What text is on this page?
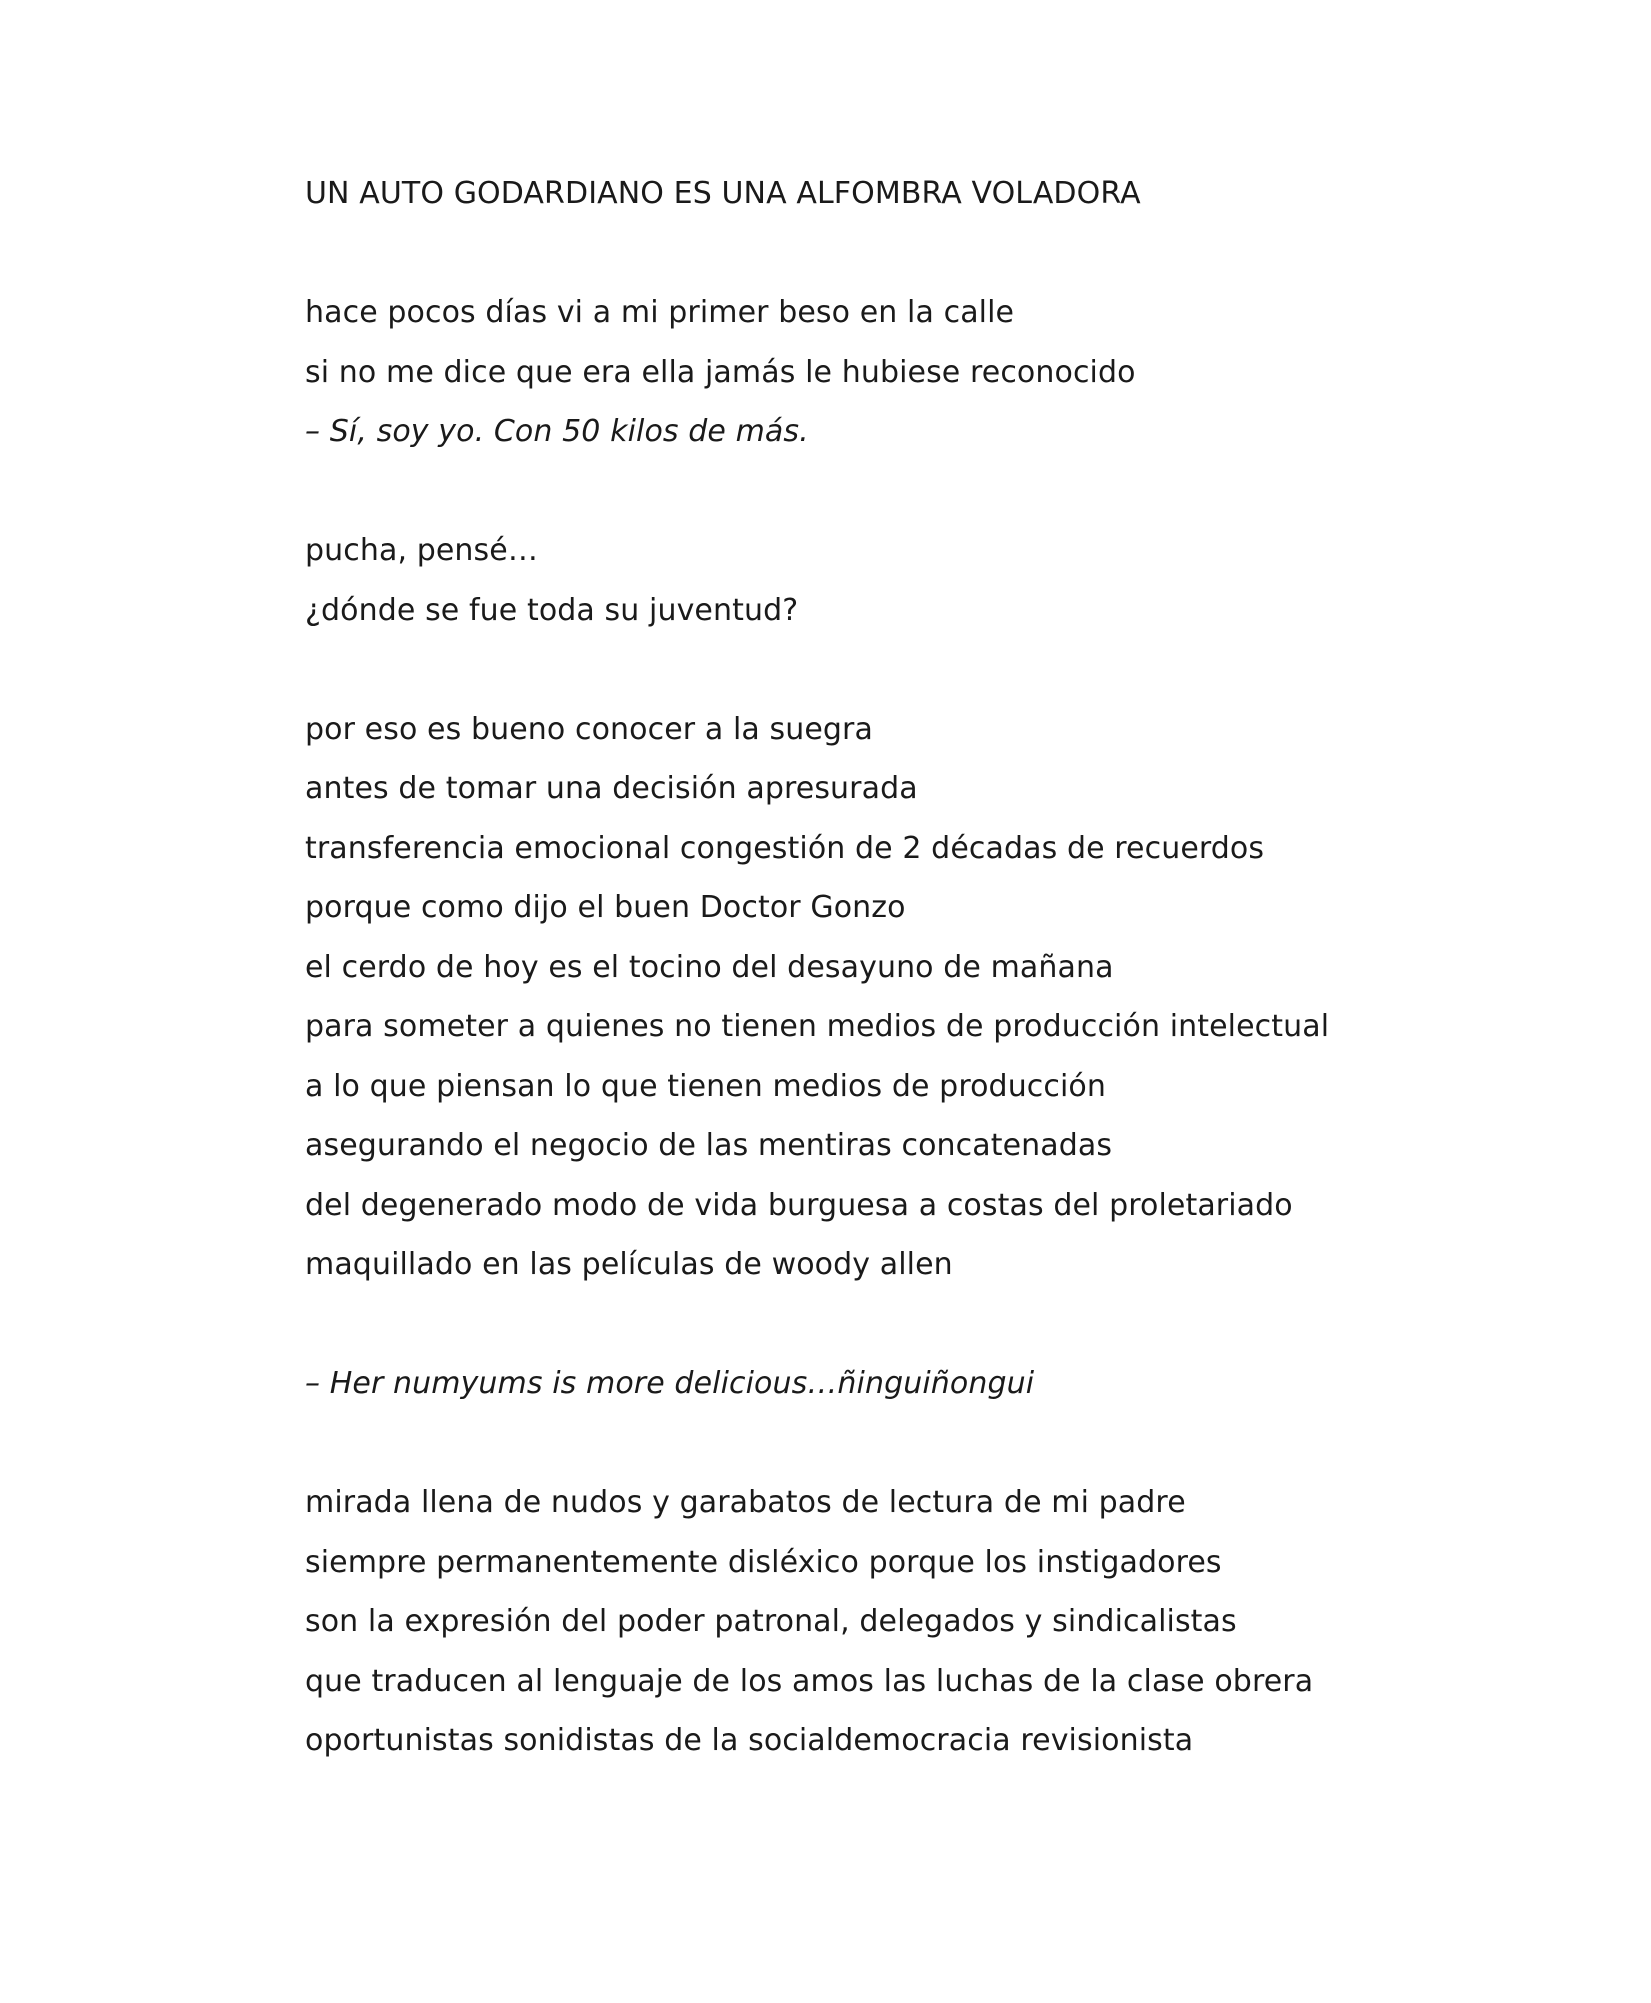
UN AUTO GODARDIANO ES UNA ALFOMBRA VOLADORA
hace pocos días vi a mi primer beso en la calle
si no me dice que era ella jamás le hubiese reconocido
– Sí, soy yo. Con 50 kilos de más.
pucha, pensé…
¿dónde se fue toda su juventud?
por eso es bueno conocer a la suegra
antes de tomar una decisión apresurada
transferencia emocional congestión de 2 décadas de recuerdos
porque como dijo el buen Doctor Gonzo
el cerdo de hoy es el tocino del desayuno de mañana
para someter a quienes no tienen medios de producción intelectual
a lo que piensan lo que tienen medios de producción
asegurando el negocio de las mentiras concatenadas
del degenerado modo de vida burguesa a costas del proletariado
maquillado en las películas de woody allen
– Her numyums is more delicious…ñinguiñongui
mirada llena de nudos y garabatos de lectura de mi padre
siempre permanentemente disléxico porque los instigadores
son la expresión del poder patronal, delegados y sindicalistas
que traducen al lenguaje de los amos las luchas de la clase obrera
oportunistas sonidistas de la socialdemocracia revisionista
